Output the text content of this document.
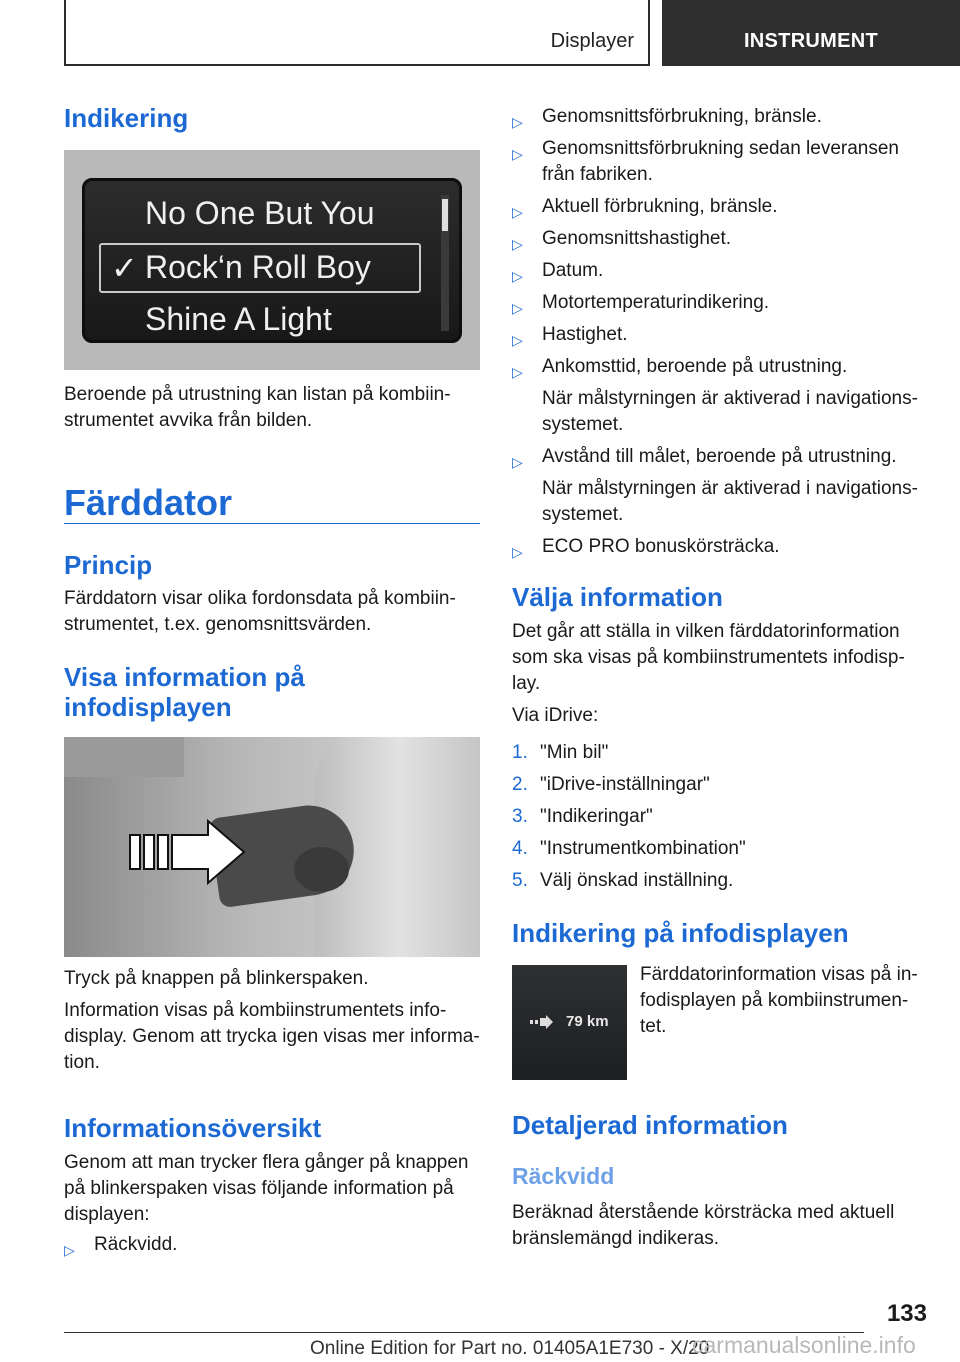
Displayer	INSTRUMENT
Indikering
No One But You
✓ Rock‘n Roll Boy
Shine A Light
Beroende på utrustning kan listan på kombiin-
strumentet avvika från bilden.
Färddator
Princip
Färddatorn visar olika fordonsdata på kombiin-
strumentet, t.ex. genomsnittsvärden.
Visa information på
infodisplayen
Tryck på knappen på blinkerspaken.
Information visas på kombiinstrumentets info-
display. Genom att trycka igen visas mer informa-
tion.
Informationsöversikt
Genom att man trycker flera gånger på knappen
på blinkerspaken visas följande information på
displayen:
▷ Räckvidd.
▷ Genomsnittsförbrukning, bränsle.
▷ Genomsnittsförbrukning sedan leveransen
från fabriken.
▷ Aktuell förbrukning, bränsle.
▷ Genomsnittshastighet.
▷ Datum.
▷ Motortemperaturindikering.
▷ Hastighet.
▷ Ankomsttid, beroende på utrustning.
När målstyrningen är aktiverad i navigations-
systemet.
▷ Avstånd till målet, beroende på utrustning.
När målstyrningen är aktiverad i navigations-
systemet.
▷ ECO PRO bonuskörsträcka.
Välja information
Det går att ställa in vilken färddatorinformation
som ska visas på kombiinstrumentets infodisp-
lay.
Via iDrive:
1. "Min bil"
2. "iDrive-inställningar"
3. "Indikeringar"
4. "Instrumentkombination"
5. Välj önskad inställning.
Indikering på infodisplayen
79 km
Färddatorinformation visas på in-
fodisplayen på kombiinstrumen-
tet.
Detaljerad information
Räckvidd
Beräknad återstående körsträcka med aktuell
bränslemängd indikeras.
133
Online Edition for Part no. 01405A1E730 - X/20
carmanualsonline.info
